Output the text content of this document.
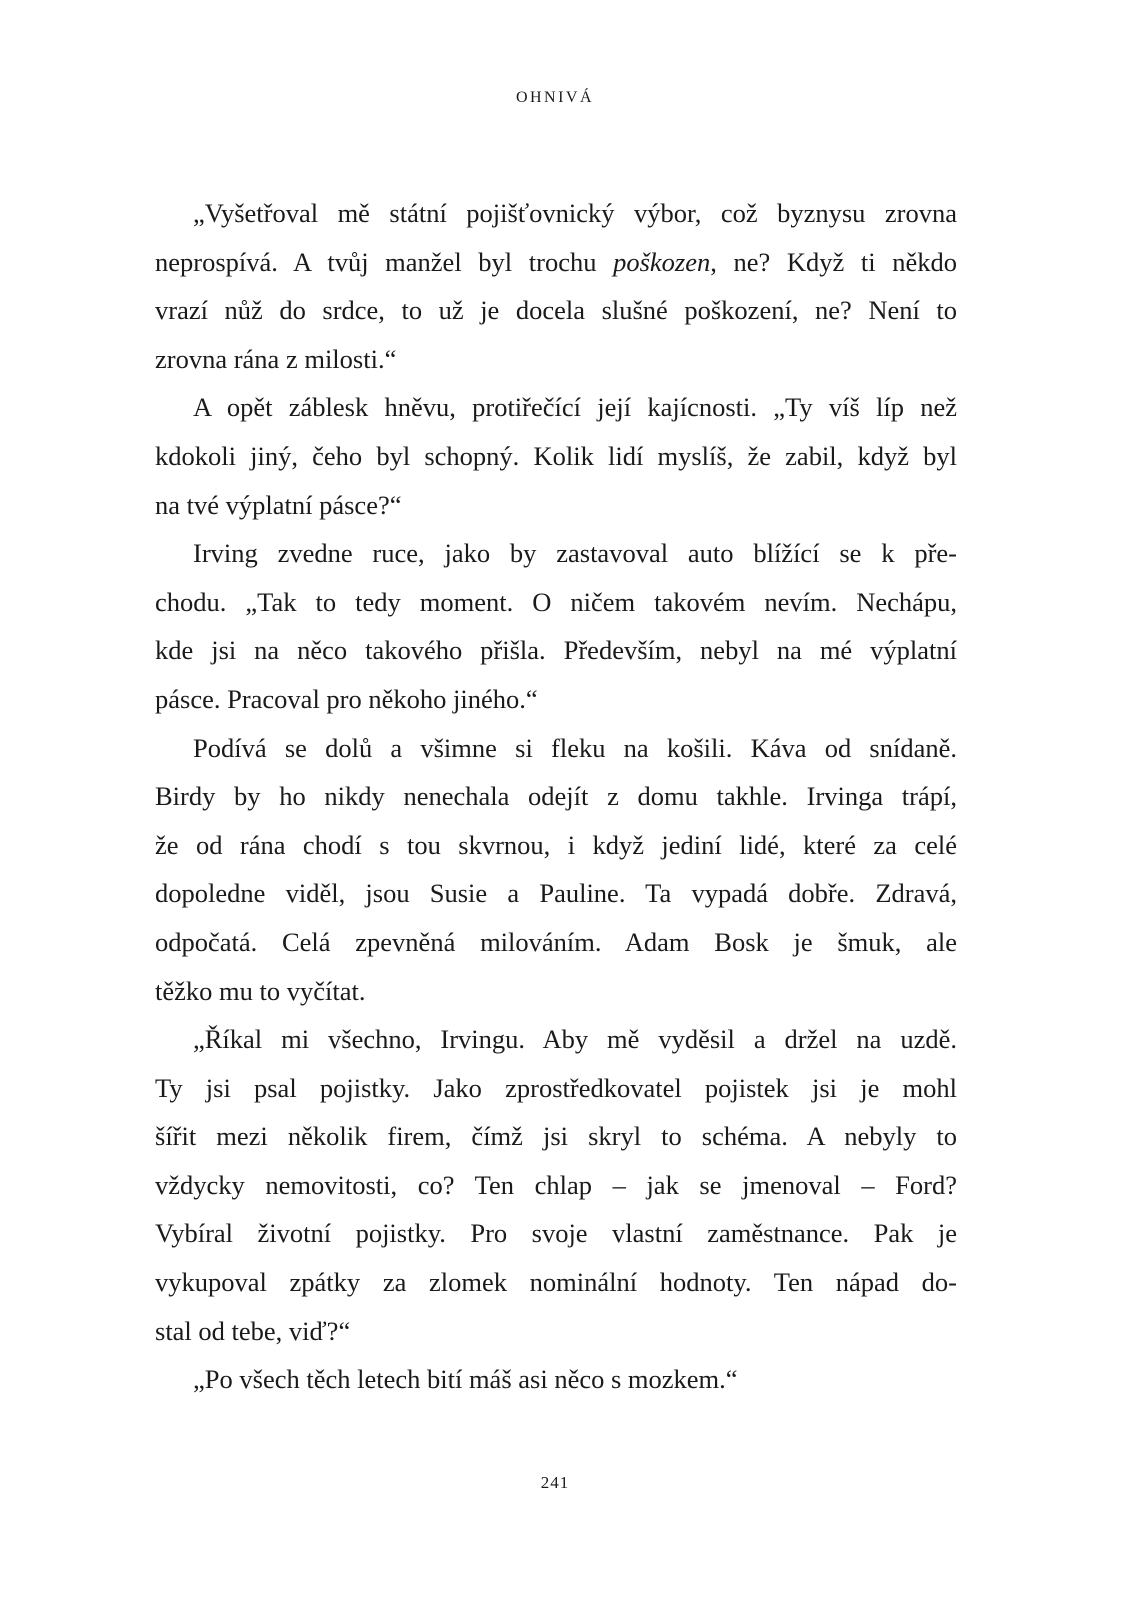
OHNIVÁ
„Vyšetřoval mě státní pojišťovnický výbor, což byznysu zrovna
neprospívá. A tvůj manžel byl trochu poškozen, ne? Když ti někdo
vrazí nůž do srdce, to už je docela slušné poškození, ne? Není to
zrovna rána z milosti.“
A opět záblesk hněvu, protiřečící její kajícnosti. „Ty víš líp než
kdokoli jiný, čeho byl schopný. Kolik lidí myslíš, že zabil, když byl
na tvé výplatní pásce?“
Irving zvedne ruce, jako by zastavoval auto blížící se k pře-
chodu. „Tak to tedy moment. O ničem takovém nevím. Nechápu,
kde jsi na něco takového přišla. Především, nebyl na mé výplatní
pásce. Pracoval pro někoho jiného.“
Podívá se dolů a všimne si fleku na košili. Káva od snídaně.
Birdy by ho nikdy nenechala odejít z domu takhle. Irvinga trápí,
že od rána chodí s tou skvrnou, i když jediní lidé, které za celé
dopoledne viděl, jsou Susie a Pauline. Ta vypadá dobře. Zdravá,
odpočatá. Celá zpevněná milováním. Adam Bosk je šmuk, ale
těžko mu to vyčítat.
„Říkal mi všechno, Irvingu. Aby mě vyděsil a držel na uzdě.
Ty jsi psal pojistky. Jako zprostředkovatel pojistek jsi je mohl
šířit mezi několik firem, čímž jsi skryl to schéma. A nebyly to
vždycky nemovitosti, co? Ten chlap – jak se jmenoval – Ford?
Vybíral životní pojistky. Pro svoje vlastní zaměstnance. Pak je
vykupoval zpátky za zlomek nominální hodnoty. Ten nápad do-
stal od tebe, viď?“
„Po všech těch letech bití máš asi něco s mozkem.“
241
